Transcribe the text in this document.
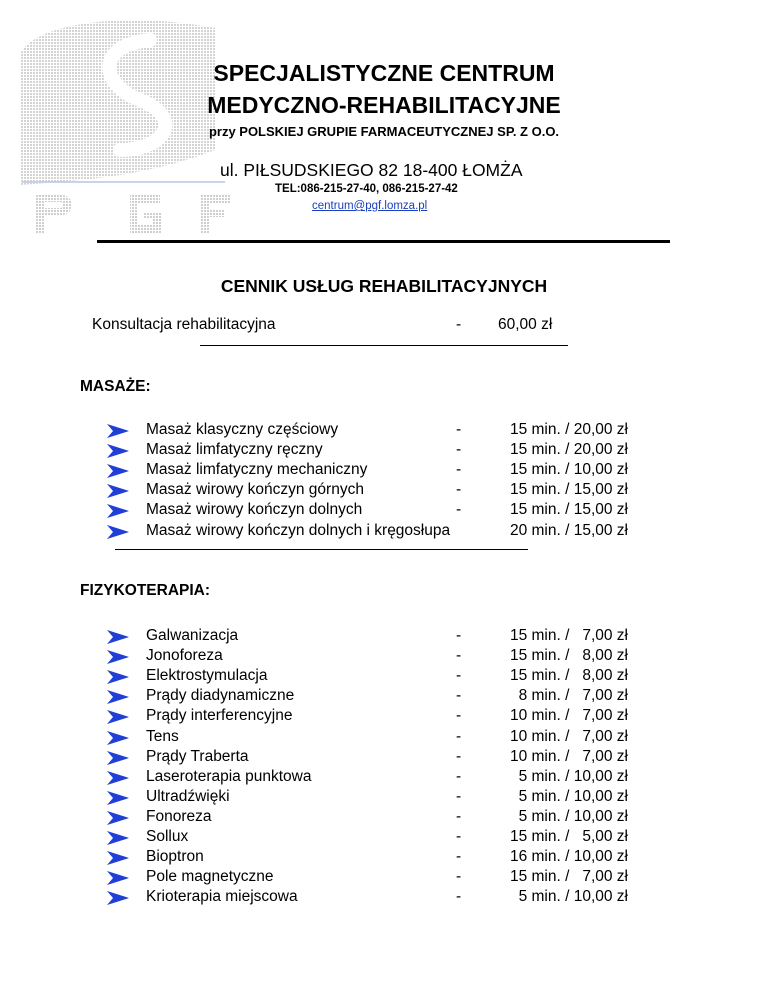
SPECJALISTYCZNE CENTRUM
MEDYCZNO-REHABILITACYJNE
przy POLSKIEJ GRUPIE FARMACEUTYCZNEJ SP. Z O.O.
ul. PIŁSUDSKIEGO 82 18-400 ŁOMŻA
TEL:086-215-27-40, 086-215-27-42
centrum@pgf.lomza.pl
CENNIK USŁUG REHABILITACYJNYCH
Konsultacja rehabilitacyjna	- 60,00 zł
MASAŻE:
Masaż klasyczny częściowy	-	15 min. / 20,00 zł
Masaż limfatyczny ręczny	-	15 min. / 20,00 zł
Masaż limfatyczny mechaniczny	-	15 min. / 10,00 zł
Masaż wirowy kończyn górnych	-	15 min. / 15,00 zł
Masaż wirowy kończyn dolnych	-	15 min. / 15,00 zł
Masaż wirowy kończyn dolnych i kręgosłupa	20 min. / 15,00 zł
FIZYKOTERAPIA:
Galwanizacja	-	15 min. /   7,00 zł
Jonoforeza	-	15 min. /   8,00 zł
Elektrostymulacja	-	15 min. /   8,00 zł
Prądy diadynamiczne	-	8 min. /   7,00 zł
Prądy interferencyjne	-	10 min. /   7,00 zł
Tens	-	10 min. /   7,00 zł
Prądy Traberta	-	10 min. /   7,00 zł
Laseroterapia punktowa	-	5 min. / 10,00 zł
Ultradźwięki	-	5 min. / 10,00 zł
Fonoreza	-	5 min. / 10,00 zł
Sollux	-	15 min. /   5,00 zł
Bioptron	-	16 min. / 10,00 zł
Pole magnetyczne	-	15 min. /   7,00 zł
Krioterapia miejscowa	-	5 min. / 10,00 zł
